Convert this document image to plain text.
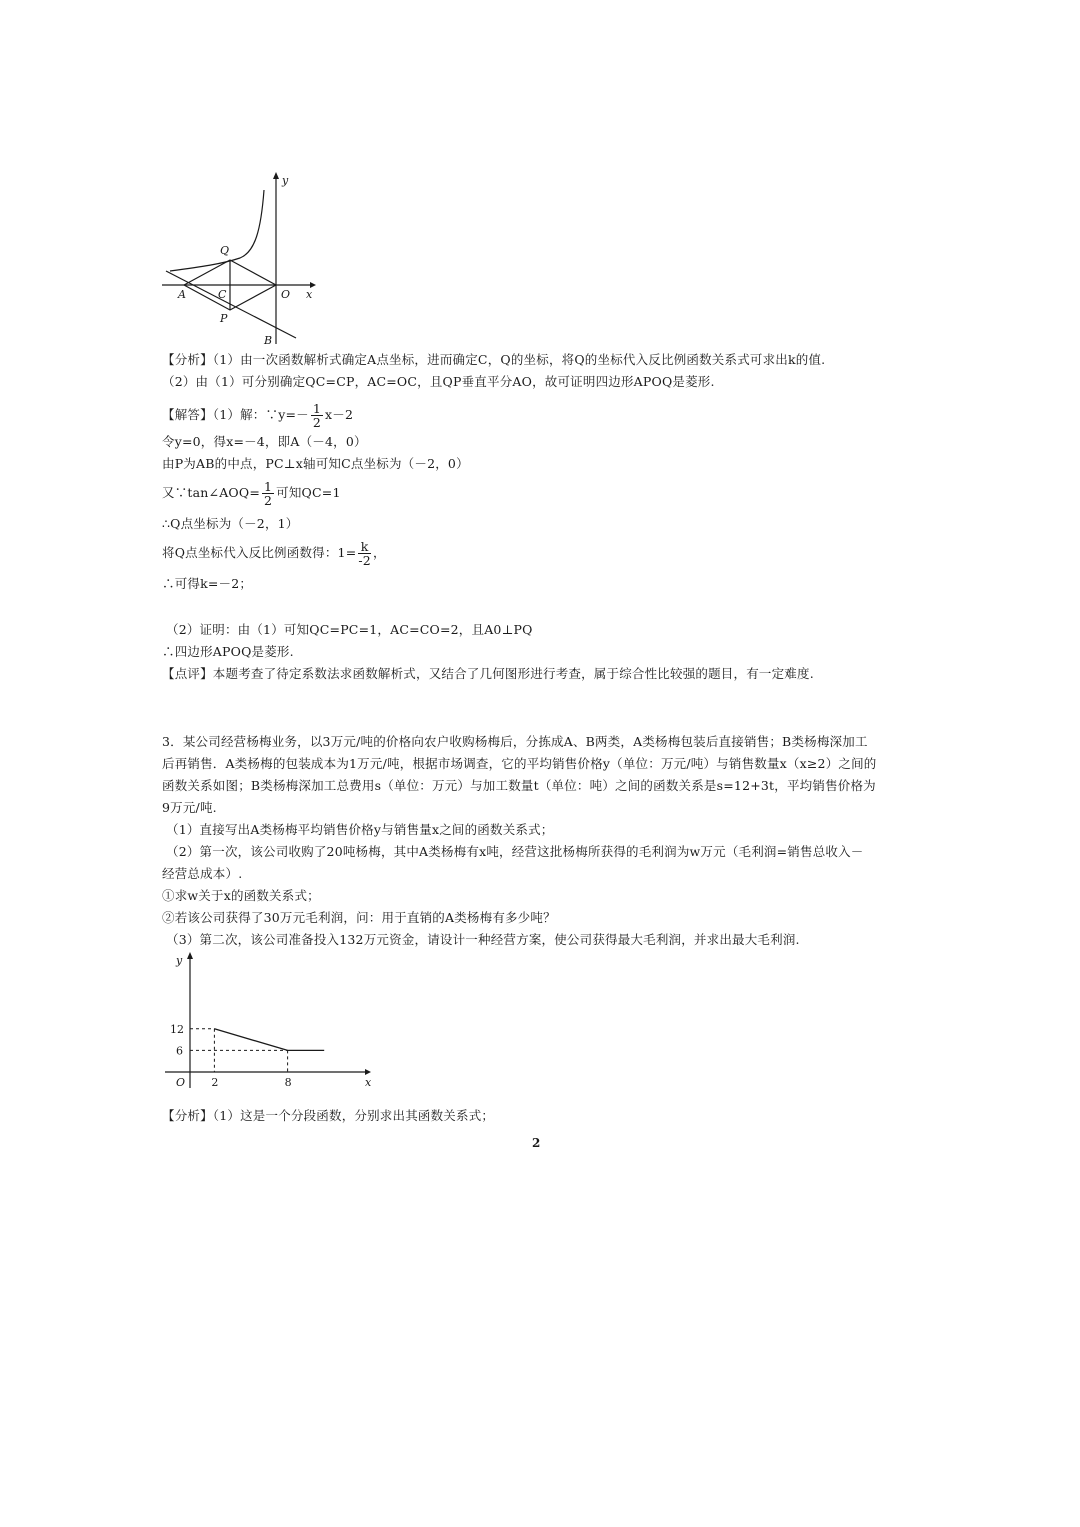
y
x
Q
A	C	O
P
B
【分析】（1）由一次函数解析式确定A点坐标，进而确定C，Q的坐标，将Q的坐标代入反比例函数关系式可求出k的值.
（2）由（1）可分别确定QC=CP，AC=OC，且QP垂直平分AO，故可证明四边形APOQ是菱形.
【解答】（1）解：∵y=－ $\frac{1}{2} x-2$
令y=0，得x=－4，即A（－4，0）
由P为AB的中点，PC⊥x轴可知C点坐标为（－2，0）
又∵tan∠AOQ= $\frac{1}{2}$ 可知QC=1
∴Q点坐标为（－2，1）
将Q点坐标代入反比例函数得：$1= \frac{k}{-2}$ ，
∴可得k=－2；
（2）证明：由（1）可知QC=PC=1，AC=CO=2，且A0⊥PQ
∴四边形APOQ是菱形.
【点评】本题考查了待定系数法求函数解析式，又结合了几何图形进行考查，属于综合性比较强的题目，有一定难度.
3．某公司经营杨梅业务，以3万元/吨的价格向农户收购杨梅后，分拣成A、B两类，A类杨梅包装后直接销售；B类杨梅深加工
后再销售．A类杨梅的包装成本为1万元/吨，根据市场调查，它的平均销售价格y（单位：万元/吨）与销售数量x（x≥2）之间的
函数关系如图；B类杨梅深加工总费用s（单位：万元）与加工数量t（单位：吨）之间的函数关系是s=12+3t，平均销售价格为
9万元/吨.
（1）直接写出A类杨梅平均销售价格y与销售量x之间的函数关系式；
（2）第一次，该公司收购了20吨杨梅，其中A类杨梅有x吨，经营这批杨梅所获得的毛利润为w万元（毛利润=销售总收入－
经营总成本）.
①求w关于x的函数关系式；
②若该公司获得了30万元毛利润，问：用于直销的A类杨梅有多少吨？
（3）第二次，该公司准备投入132万元资金，请设计一种经营方案，使公司获得最大毛利润，并求出最大毛利润.
y
x
O 2	8
6
12
【分析】（1）这是一个分段函数，分别求出其函数关系式；
2
